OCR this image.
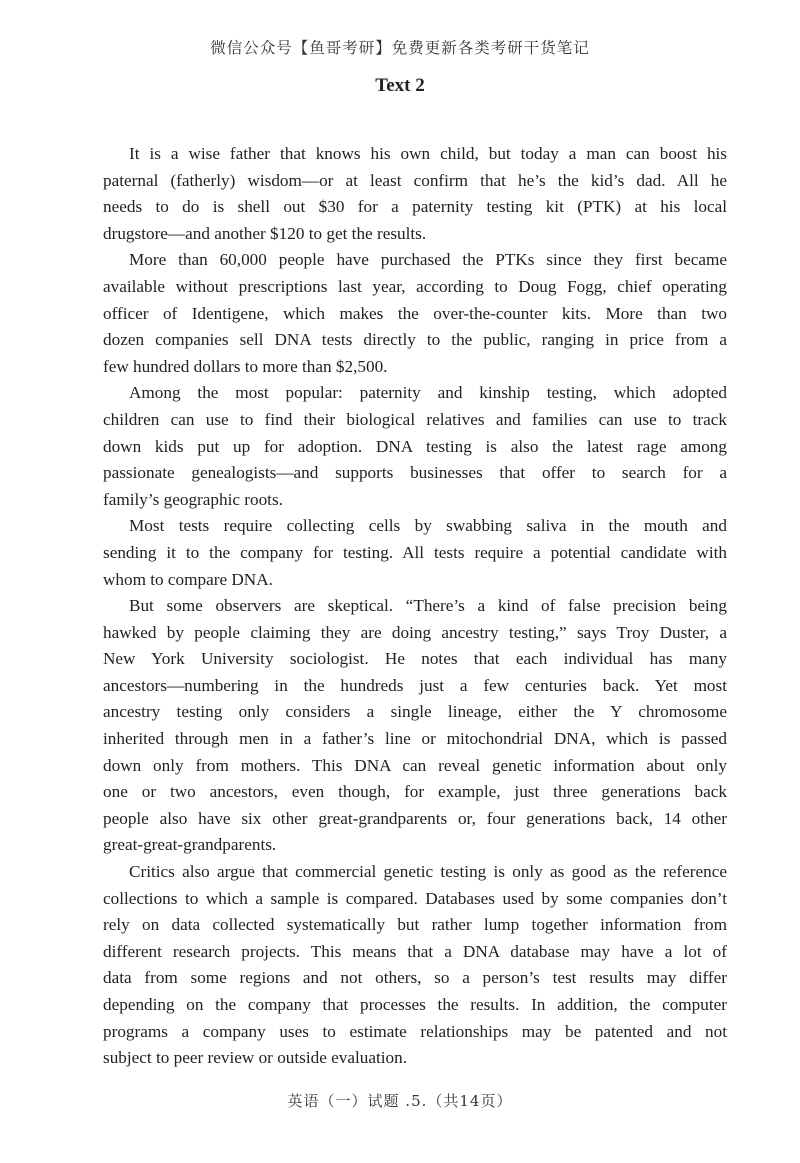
微信公众号【鱼哥考研】免费更新各类考研干货笔记
Text 2
It is a wise father that knows his own child, but today a man can boost his
paternal (fatherly) wisdom—or at least confirm that he’s the kid’s dad. All he
needs to do is shell out $30 for a paternity testing kit (PTK) at his local
drugstore—and another $120 to get the results.
More than 60,000 people have purchased the PTKs since they first became
available without prescriptions last year, according to Doug Fogg, chief operating
officer of Identigene, which makes the over-the-counter kits. More than two
dozen companies sell DNA tests directly to the public, ranging in price from a
few hundred dollars to more than $2,500.
Among the most popular: paternity and kinship testing, which adopted
children can use to find their biological relatives and families can use to track
down kids put up for adoption. DNA testing is also the latest rage among
passionate genealogists—and supports businesses that offer to search for a
family’s geographic roots.
Most tests require collecting cells by swabbing saliva in the mouth and
sending it to the company for testing. All tests require a potential candidate with
whom to compare DNA.
But some observers are skeptical. “There’s a kind of false precision being
hawked by people claiming they are doing ancestry testing,” says Troy Duster, a
New York University sociologist. He notes that each individual has many
ancestors—numbering in the hundreds just a few centuries back. Yet most
ancestry testing only considers a single lineage, either the Y chromosome
inherited through men in a father’s line or mitochondrial DNA, which is passed
down only from mothers. This DNA can reveal genetic information about only
one or two ancestors, even though, for example, just three generations back
people also have six other great-grandparents or, four generations back, 14 other
great-great-grandparents.
Critics also argue that commercial genetic testing is only as good as the reference
collections to which a sample is compared. Databases used by some companies don’t
rely on data collected systematically but rather lump together information from
different research projects. This means that a DNA database may have a lot of
data from some regions and not others, so a person’s test results may differ
depending on the company that processes the results. In addition, the computer
programs a company uses to estimate relationships may be patented and not
subject to peer review or outside evaluation.
英语（一）试题 .5.（共14页）
